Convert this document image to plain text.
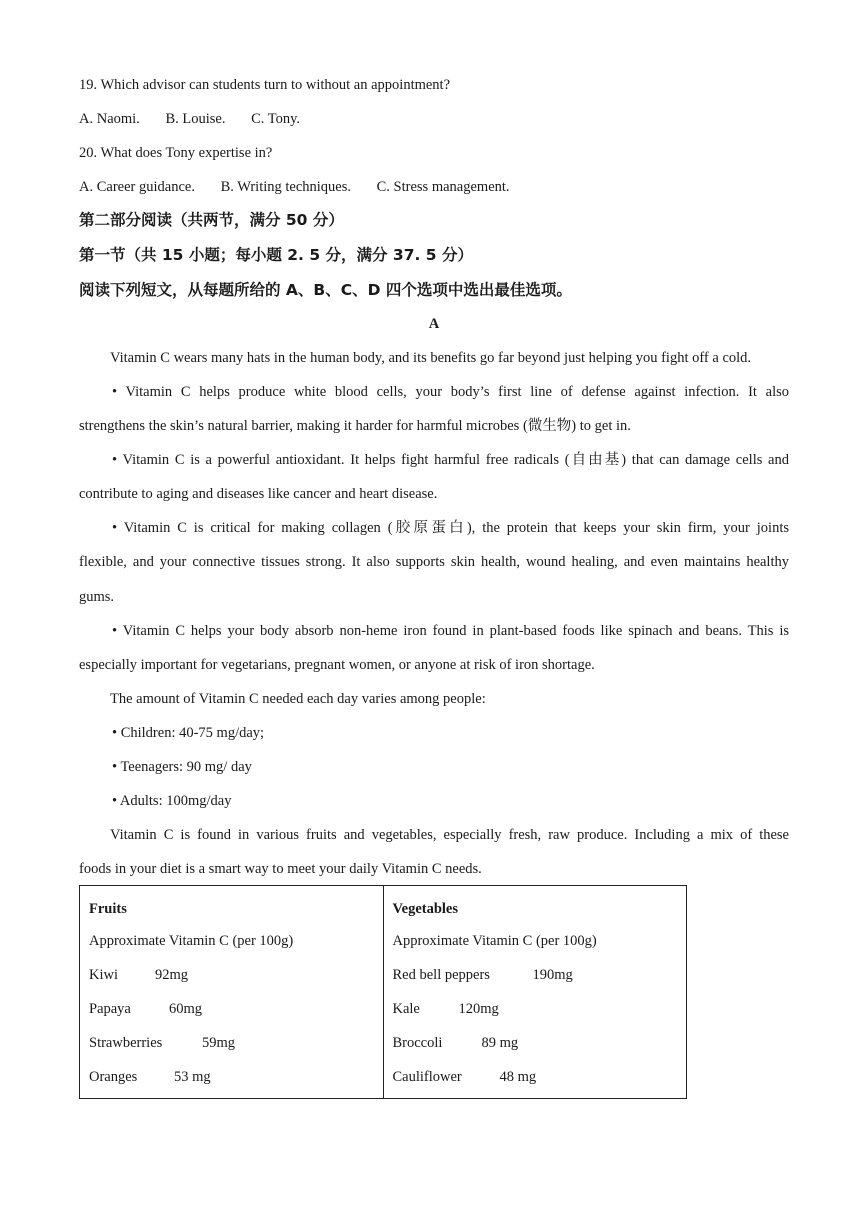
19. Which advisor can students turn to without an appointment?
A. Naomi. B. Louise. C. Tony.
20. What does Tony expertise in?
A. Career guidance. B. Writing techniques. C. Stress management.
第二部分阅读（共两节，满分 50 分）
第一节（共 15 小题；每小题 2. 5 分，满分 37. 5 分）
阅读下列短文，从每题所给的 A、B、C、D 四个选项中选出最佳选项。
A
Vitamin C wears many hats in the human body, and its benefits go far beyond just helping you fight off a cold.
• Vitamin C helps produce white blood cells, your body’s first line of defense against infection. It also
strengthens the skin’s natural barrier, making it harder for harmful microbes (微生物) to get in.
• Vitamin C is a powerful antioxidant. It helps fight harmful free radicals (自由基) that can damage cells and
contribute to aging and diseases like cancer and heart disease.
• Vitamin C is critical for making collagen (胶原蛋白), the protein that keeps your skin firm, your joints
flexible, and your connective tissues strong. It also supports skin health, wound healing, and even maintains healthy
gums.
• Vitamin C helps your body absorb non-heme iron found in plant-based foods like spinach and beans. This is
especially important for vegetarians, pregnant women, or anyone at risk of iron shortage.
The amount of Vitamin C needed each day varies among people:
• Children: 40-75 mg/day;
• Teenagers: 90 mg/ day
• Adults: 100mg/day
Vitamin C is found in various fruits and vegetables, especially fresh, raw produce. Including a mix of these
foods in your diet is a smart way to meet your daily Vitamin C needs.
Fruits
Approximate Vitamin C (per 100g)
Kiwi	92mg
Papaya	60mg
Strawberries	59mg
Oranges	53 mg

Vegetables
Approximate Vitamin C (per 100g)
Red bell peppers	190mg
Kale	120mg
Broccoli	89 mg
Cauliflower	48 mg
